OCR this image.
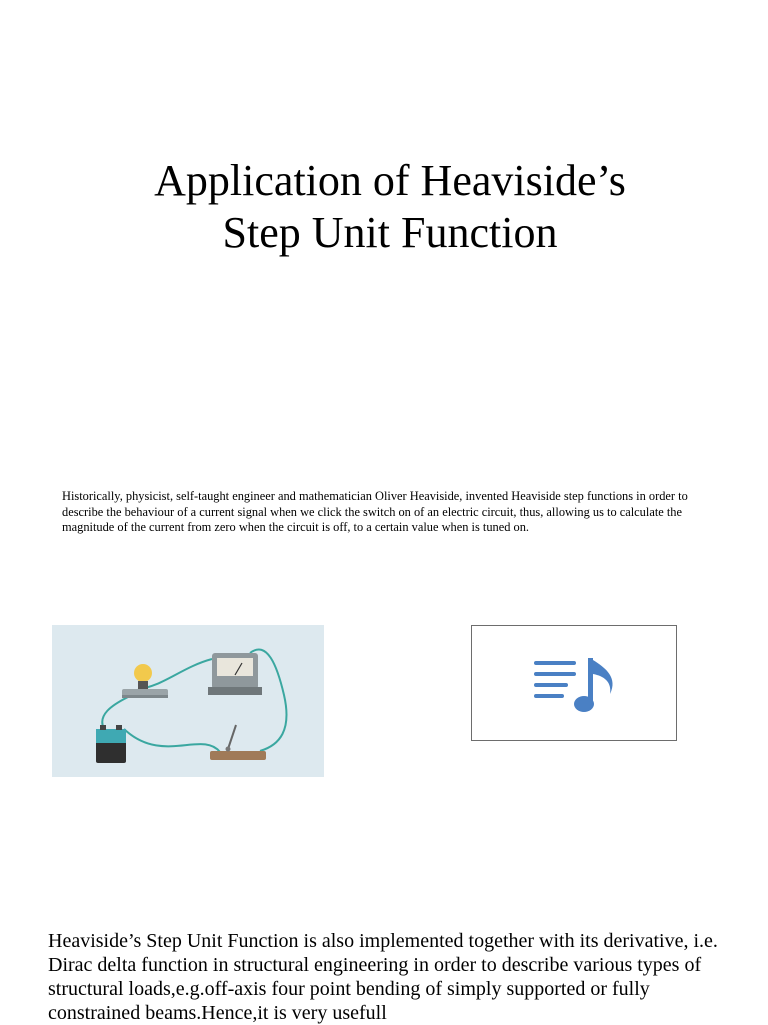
Application of Heaviside’s
Step Unit Function

Historically, physicist, self-taught engineer and mathematician Oliver Heaviside, invented Heaviside step functions in order to describe the behaviour of a current signal when we click the switch on of an electric circuit, thus, allowing us to calculate the magnitude of the current from zero when the circuit is off, to a certain value when is tuned on.

Heaviside’s Step Unit Function is also implemented together with its derivative, i.e. Dirac delta function in structural engineering in order to describe various types of structural loads,e.g.off-axis four point bending of simply supported or fully constrained beams.Hence,it is very usefull
